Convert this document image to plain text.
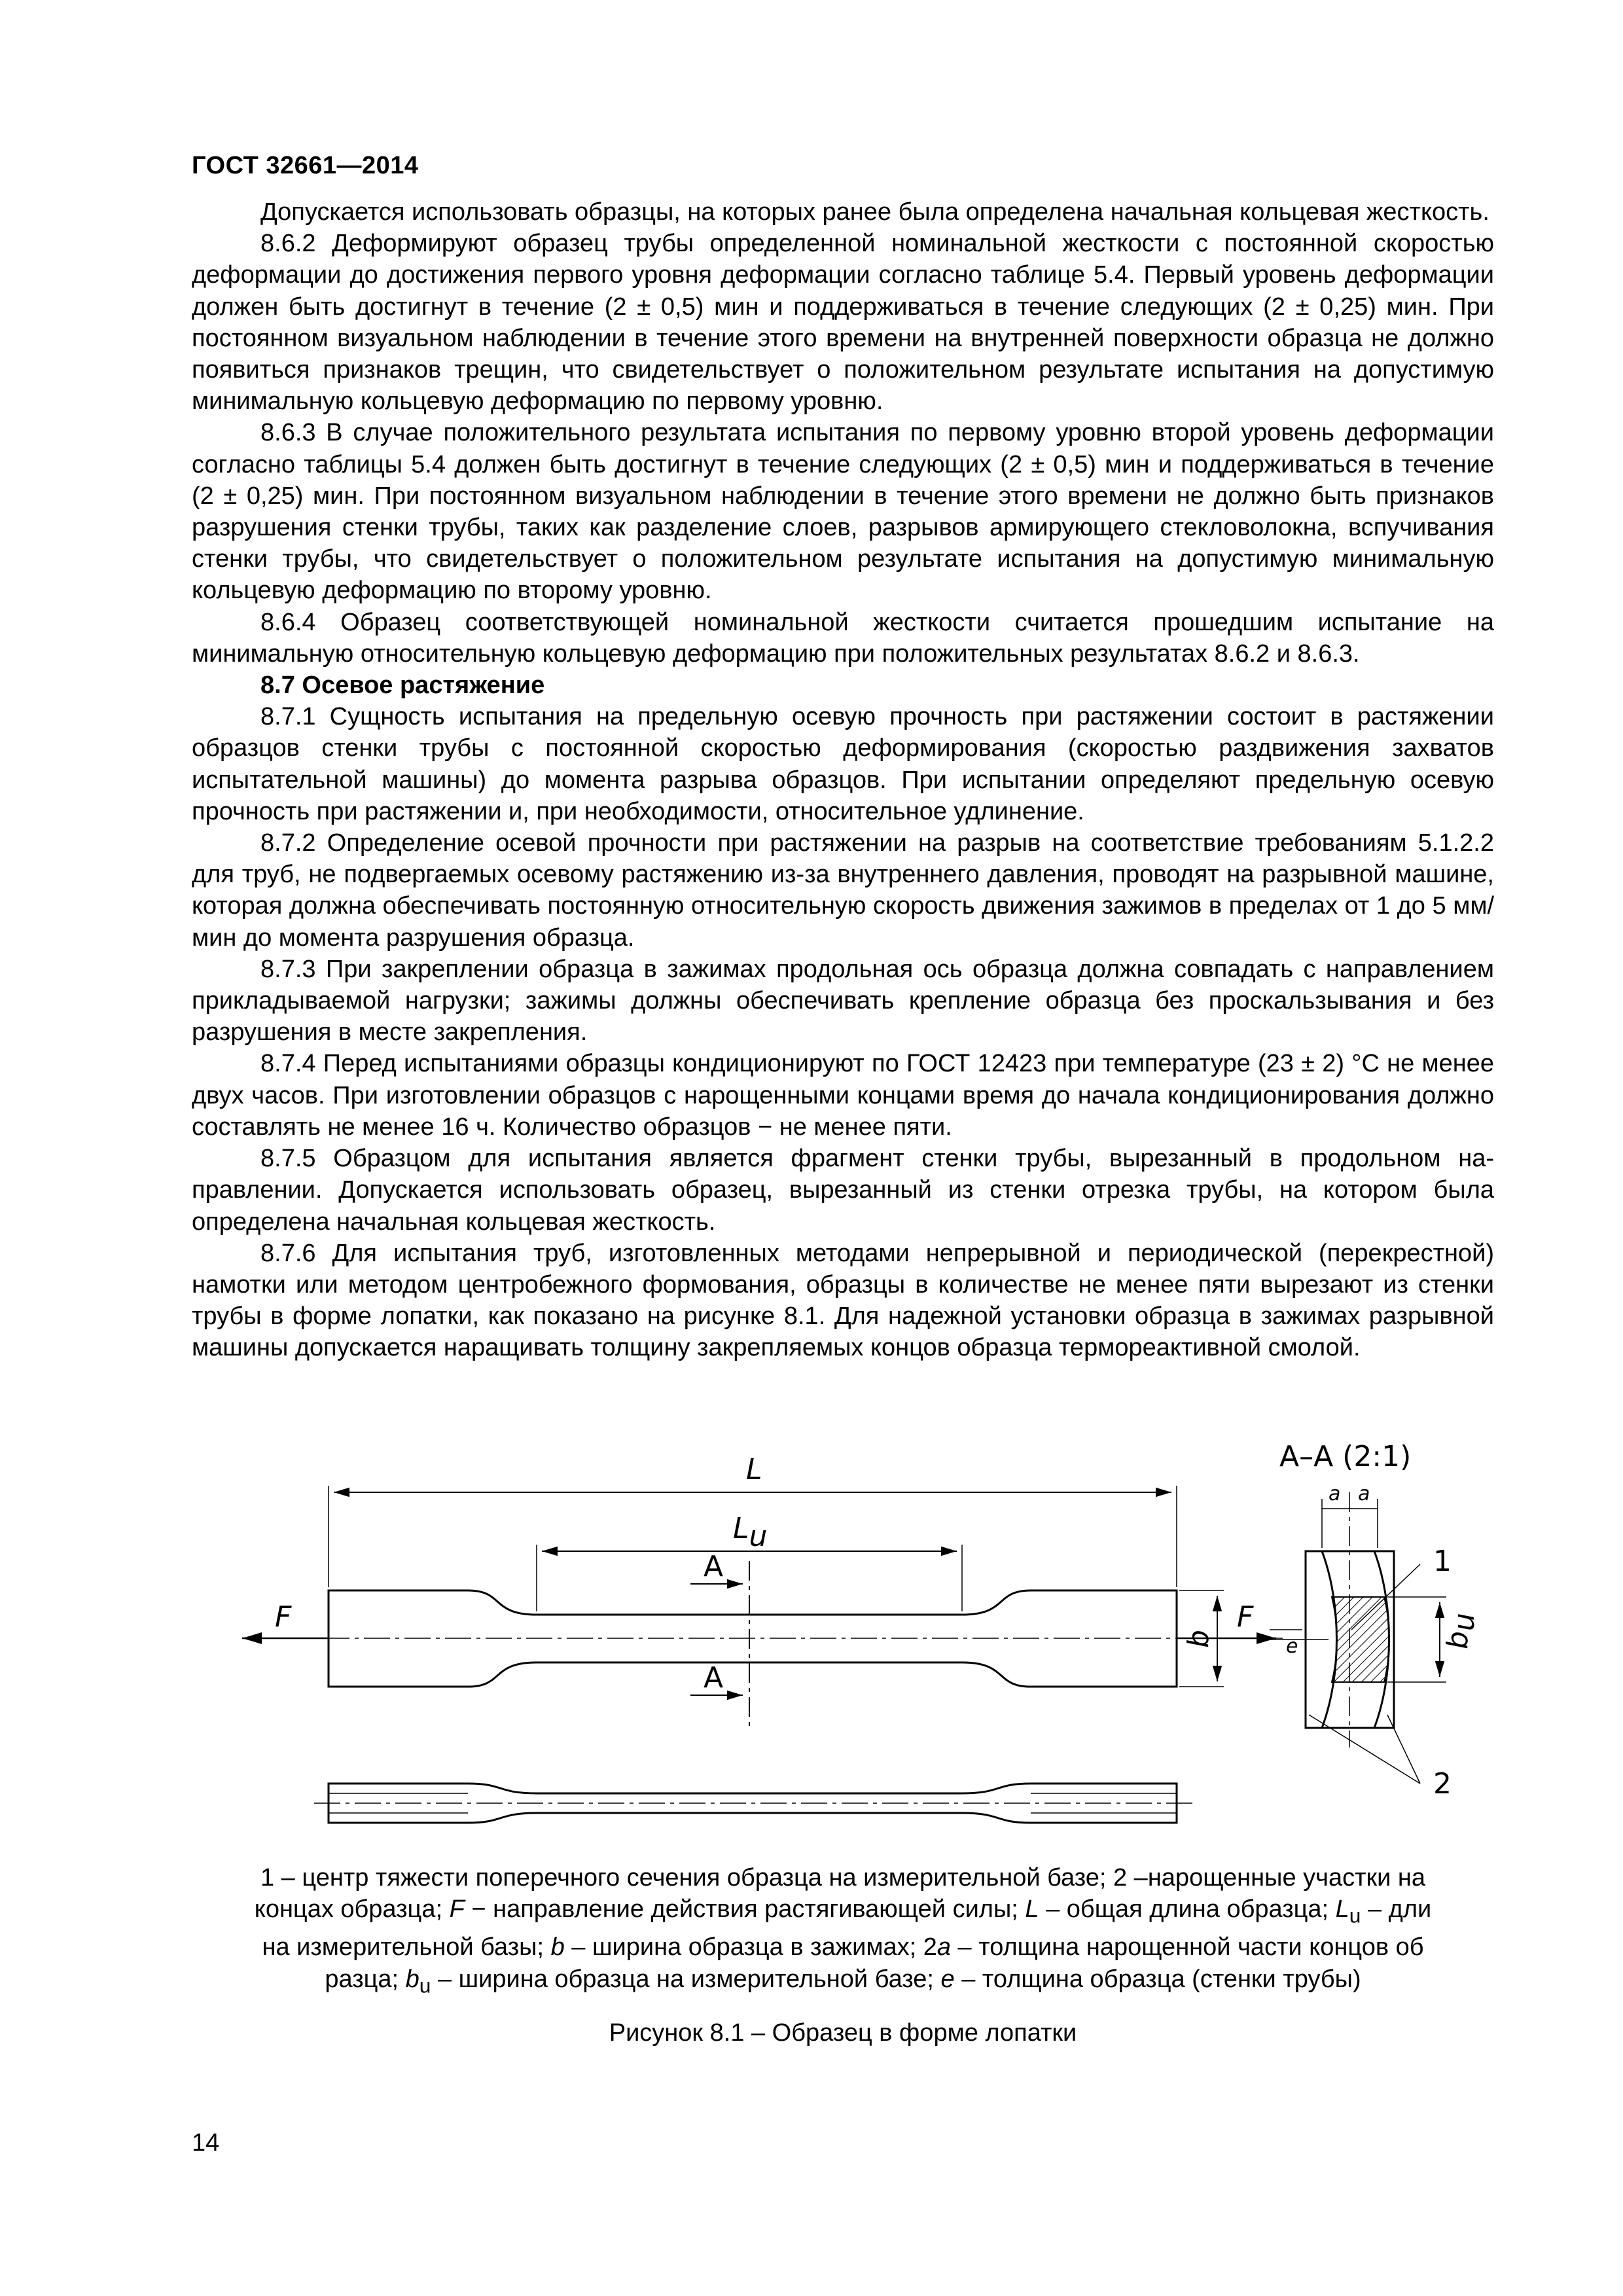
ГОСТ 32661—2014

Допускается использовать образцы, на которых ранее была определена начальная кольцевая жесткость.

8.6.2 Деформируют образец трубы определенной номинальной жесткости с постоянной скоростью деформации до достижения первого уровня деформации согласно таблице 5.4. Первый уровень деформации должен быть достигнут в течение (2 ± 0,5) мин и поддерживаться в течение следующих (2 ± 0,25) мин. При постоянном визуальном наблюдении в течение этого времени на внутренней поверхности образца не должно появиться признаков трещин, что свидетельствует о положительном результате испытания на допустимую минимальную кольцевую деформацию по первому уровню.

8.6.3 В случае положительного результата испытания по первому уровню второй уровень деформации согласно таблицы 5.4 должен быть достигнут в течение следующих (2 ± 0,5) мин и поддерживаться в течение (2 ± 0,25) мин. При постоянном визуальном наблюдении в течение этого времени не должно быть признаков разрушения стенки трубы, таких как разделение слоев, разрывов армирующего стекловолокна, вспучивания стенки трубы, что свидетельствует о положительном результате испытания на допустимую минимальную кольцевую деформацию по второму уровню.

8.6.4 Образец соответствующей номинальной жесткости считается прошедшим испытание на минимальную относительную кольцевую деформацию при положительных результатах 8.6.2 и 8.6.3.

8.7 Осевое растяжение

8.7.1 Сущность испытания на предельную осевую прочность при растяжении состоит в растяжении образцов стенки трубы с постоянной скоростью деформирования (скоростью раздвижения захватов испытательной машины) до момента разрыва образцов. При испытании определяют предельную осевую прочность при растяжении и, при необходимости, относительное удлинение.

8.7.2 Определение осевой прочности при растяжении на разрыв на соответствие требованиям 5.1.2.2 для труб, не подвергаемых осевому растяжению из-за внутреннего давления, проводят на разрывной машине, которая должна обеспечивать постоянную относительную скорость движения зажимов в пределах от 1 до 5 мм/мин до момента разрушения образца.

8.7.3 При закреплении образца в зажимах продольная ось образца должна совпадать с направлением прикладываемой нагрузки; зажимы должны обеспечивать крепление образца без проскальзывания и без разрушения в месте закрепления.

8.7.4 Перед испытаниями образцы кондиционируют по ГОСТ 12423 при температуре (23 ± 2) °С не менее двух часов. При изготовлении образцов с нарощенными концами время до начала кондиционирования должно составлять не менее 16 ч. Количество образцов − не менее пяти.

8.7.5 Образцом для испытания является фрагмент стенки трубы, вырезанный в продольном направлении. Допускается использовать образец, вырезанный из стенки отрезка трубы, на котором была определена начальная кольцевая жесткость.

8.7.6 Для испытания труб, изготовленных методами непрерывной и периодической (перекрестной) намотки или методом центробежного формования, образцы в количестве не менее пяти вырезают из стенки трубы в форме лопатки, как показано на рисунке 8.1. Для надежной установки образца в зажимах разрывной машины допускается наращивать толщину закрепляемых концов образца термореактивной смолой.

F	F
L
Lu
A
A
b
A–A (2:1)
a a
e	bu
1
2
1 – центр тяжести поперечного сечения образца на измерительной базе; 2 –нарощенные участки на
концах образца; F − направление действия растягивающей силы; L – общая длина образца; $L_u$ – дли
на измерительной базы; b – ширина образца в зажимах; 2a – толщина нарощенной части концов об
разца; $b_u$ – ширина образца на измерительной базе; e – толщина образца (стенки трубы)
Рисунок 8.1 – Образец в форме лопатки
14
